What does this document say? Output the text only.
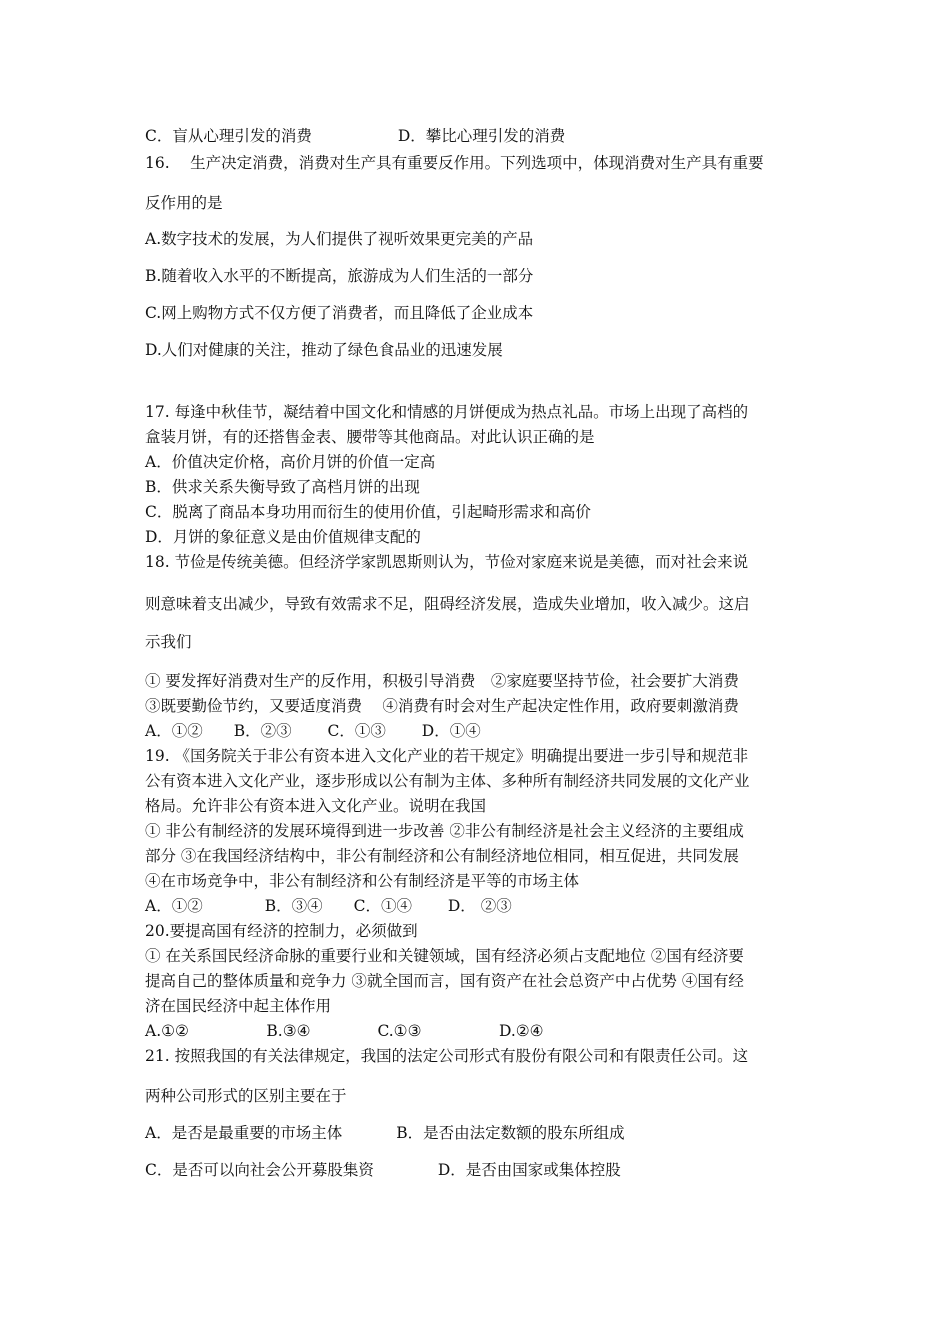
C．盲从心理引发的消费	D．攀比心理引发的消费
16.　 生产决定消费，消费对生产具有重要反作用。下列选项中，体现消费对生产具有重要
反作用的是
A.数字技术的发展，为人们提供了视听效果更完美的产品
B.随着收入水平的不断提高，旅游成为人们生活的一部分
C.网上购物方式不仅方便了消费者，而且降低了企业成本
D.人们对健康的关注，推动了绿色食品业的迅速发展
17. 每逢中秋佳节，凝结着中国文化和情感的月饼便成为热点礼品。市场上出现了高档的
盒装月饼，有的还搭售金表、腰带等其他商品。对此认识正确的是
A．价值决定价格，高价月饼的价值一定高
B．供求关系失衡导致了高档月饼的出现
C．脱离了商品本身功用而衍生的使用价值，引起畸形需求和高价
D．月饼的象征意义是由价值规律支配的
18. 节俭是传统美德。但经济学家凯恩斯则认为，节俭对家庭来说是美德，而对社会来说
则意味着支出减少，导致有效需求不足，阻碍经济发展，造成失业增加，收入减少。这启
示我们
① 要发挥好消费对生产的反作用，积极引导消费　②家庭要坚持节俭，社会要扩大消费
③既要勤俭节约，又要适度消费　 ④消费有时会对生产起决定性作用，政府要刺激消费
A．①②　　B．②③　　 C．①③　　 D．①④
19. 《国务院关于非公有资本进入文化产业的若干规定》明确提出要进一步引导和规范非
公有资本进入文化产业，逐步形成以公有制为主体、多种所有制经济共同发展的文化产业
格局。允许非公有资本进入文化产业。说明在我国
① 非公有制经济的发展环境得到进一步改善 ②非公有制经济是社会主义经济的主要组成
部分 ③在我国经济结构中，非公有制经济和公有制经济地位相同，相互促进，共同发展
④在市场竞争中，非公有制经济和公有制经济是平等的市场主体
A．①②　　　　B．③④　　C．①④　　 D． ②③
20.要提高国有经济的控制力，必须做到
① 在关系国民经济命脉的重要行业和关键领域，国有经济必须占支配地位 ②国有经济要
提高自己的整体质量和竞争力 ③就全国而言，国有资产在社会总资产中占优势 ④国有经
济在国民经济中起主体作用
A.①②　　　　　B.③④　　　　 C.①③　　　　　D.②④
21. 按照我国的有关法律规定，我国的法定公司形式有股份有限公司和有限责任公司。这
两种公司形式的区别主要在于
A．是否是最重要的市场主体	B．是否由法定数额的股东所组成
C．是否可以向社会公开募股集资	D．是否由国家或集体控股
